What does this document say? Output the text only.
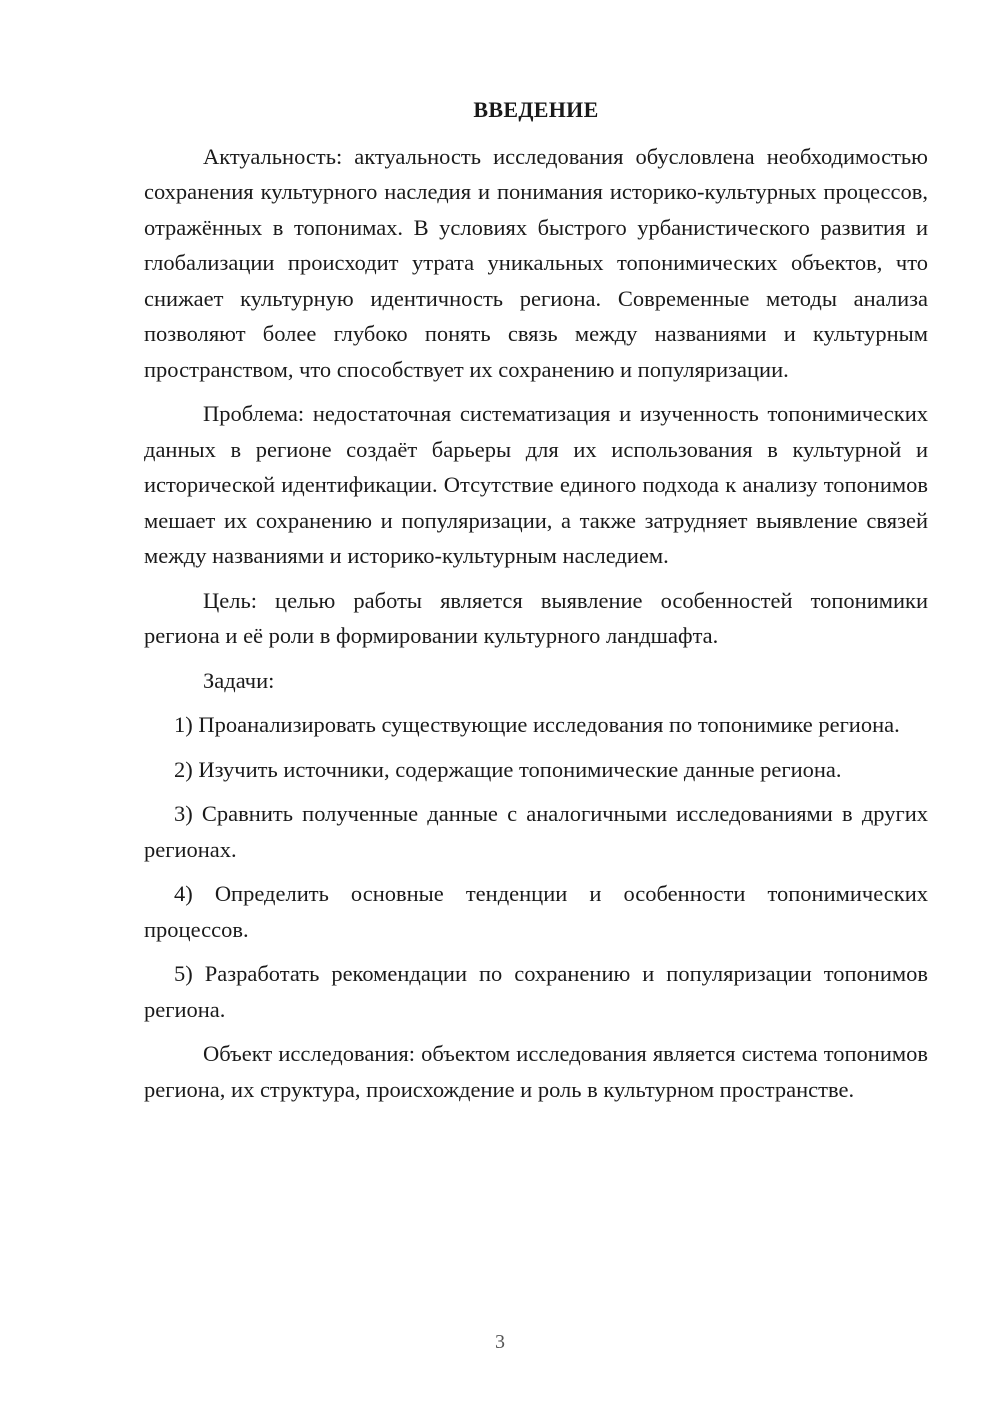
ВВЕДЕНИЕ

Актуальность: актуальность исследования обусловлена необходимостью сохранения культурного наследия и понимания историко-культурных процессов, отражённых в топонимах. В условиях быстрого урбанистического развития и глобализации происходит утрата уникальных топонимических объектов, что снижает культурную идентичность региона. Современные методы анализа позволяют более глубоко понять связь между названиями и культурным пространством, что способствует их сохранению и популяризации.

Проблема: недостаточная систематизация и изученность топонимических данных в регионе создаёт барьеры для их использования в культурной и исторической идентификации. Отсутствие единого подхода к анализу топонимов мешает их сохранению и популяризации, а также затрудняет выявление связей между названиями и историко-культурным наследием.

Цель: целью работы является выявление особенностей топонимики региона и её роли в формировании культурного ландшафта.

Задачи:

1) Проанализировать существующие исследования по топонимике региона.

2) Изучить источники, содержащие топонимические данные региона.

3) Сравнить полученные данные с аналогичными исследованиями в других регионах.

4) Определить основные тенденции и особенности топонимических процессов.

5) Разработать рекомендации по сохранению и популяризации топонимов региона.

Объект исследования: объектом исследования является система топонимов региона, их структура, происхождение и роль в культурном пространстве.

3
